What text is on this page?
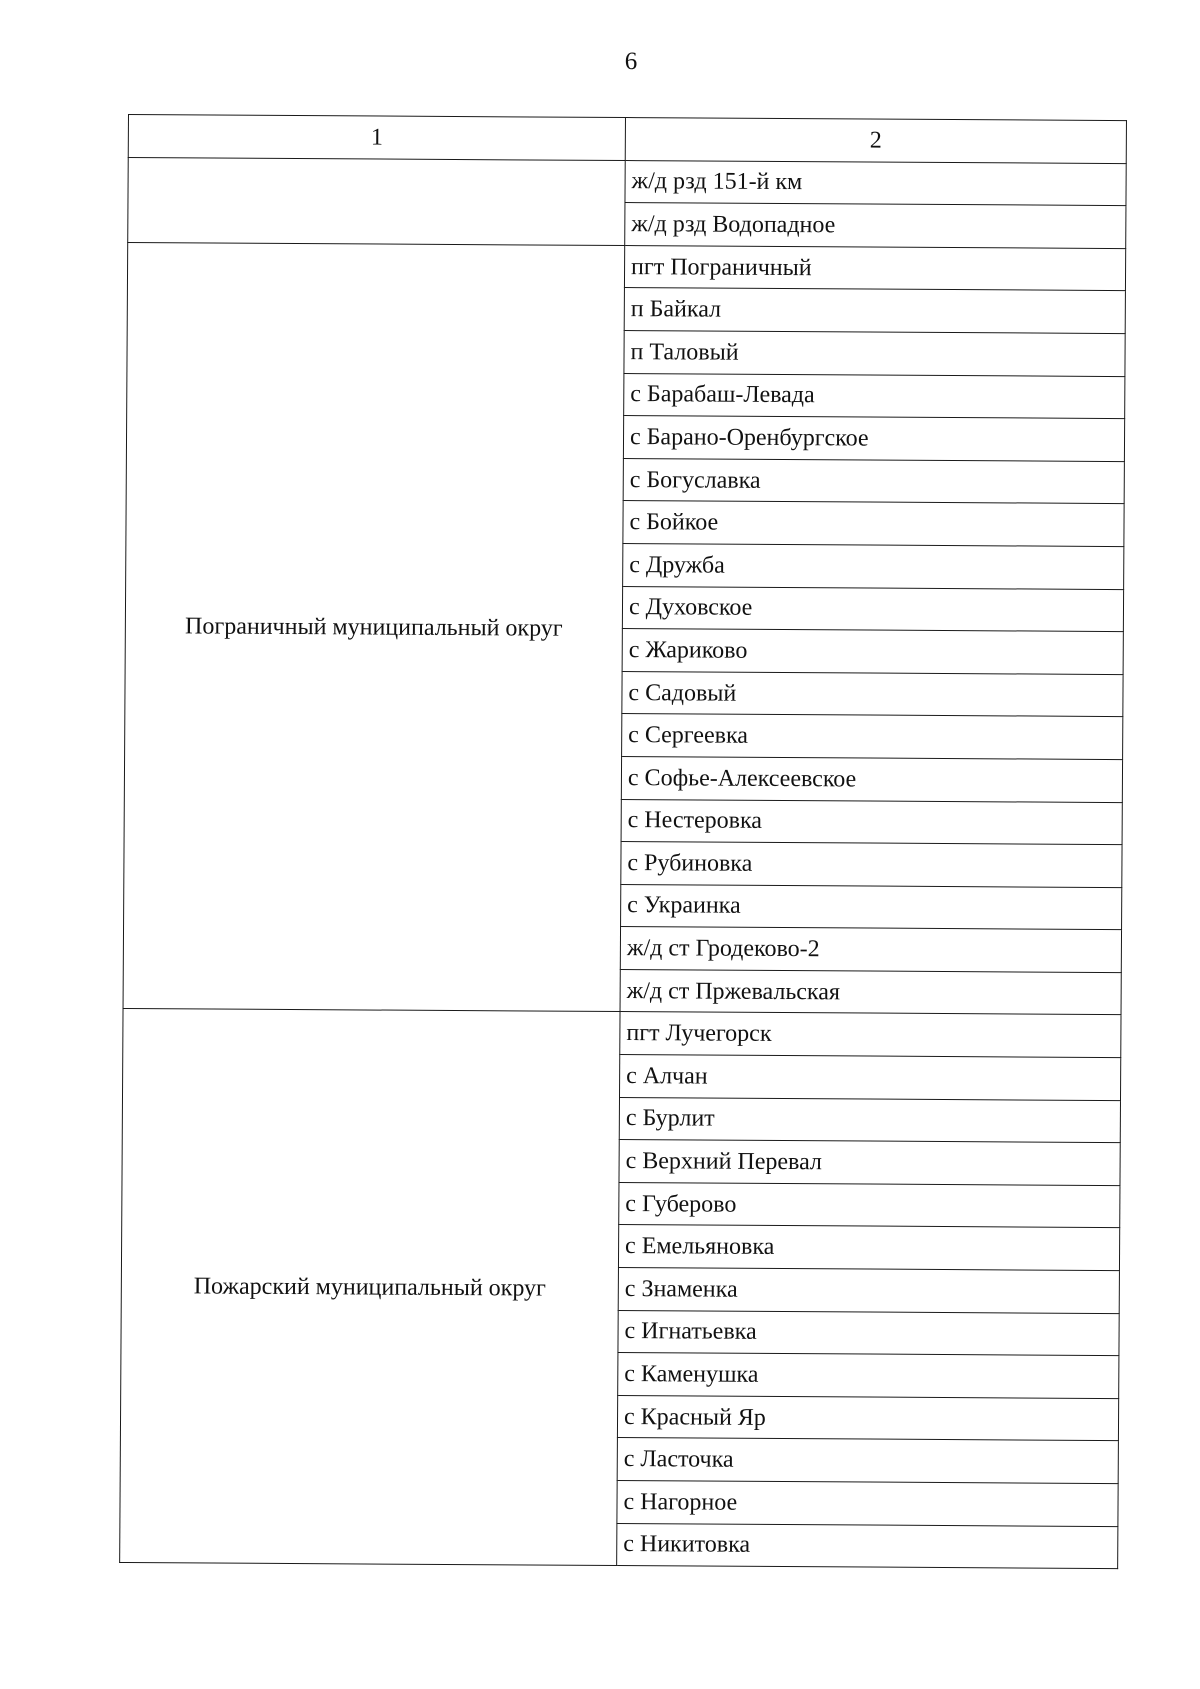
6
1	2
	ж/д рзд 151-й км
	ж/д рзд Водопадное
Пограничный муниципальный округ	пгт Пограничный
	п Байкал
	п Таловый
	с Барабаш-Левада
	с Барано-Оренбургское
	с Богуславка
	с Бойкое
	с Дружба
	с Духовское
	с Жариково
	с Садовый
	с Сергеевка
	с Софье-Алексеевское
	с Нестеровка
	с Рубиновка
	с Украинка
	ж/д ст Гродеково-2
	ж/д ст Пржевальская
Пожарский муниципальный округ	пгт Лучегорск
	с Алчан
	с Бурлит
	с Верхний Перевал
	с Губерово
	с Емельяновка
	с Знаменка
	с Игнатьевка
	с Каменушка
	с Красный Яр
	с Ласточка
	с Нагорное
	с Никитовка
